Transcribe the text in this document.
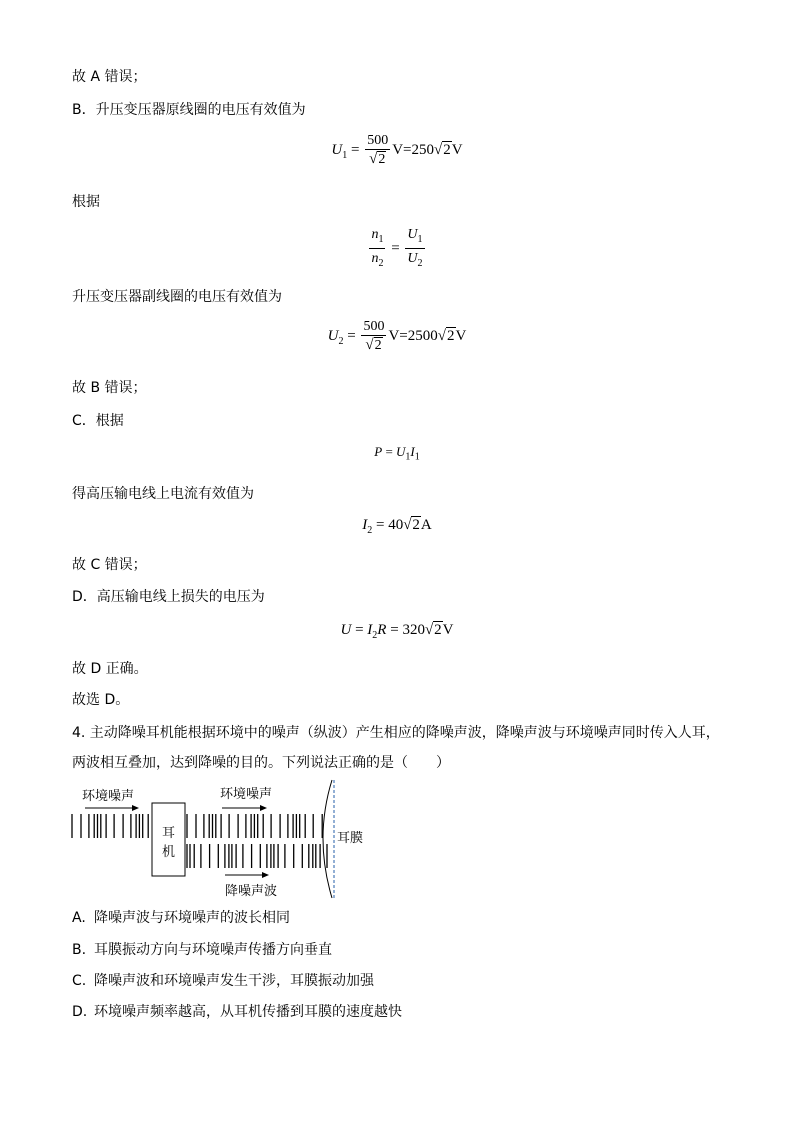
故 A 错误；
B．升压变压器原线圈的电压有效值为
$U_1 = \frac{500}{√2} V=250√2V$
根据
$\frac{n_1}{n_2} = \frac{U_1}{U_2}$
升压变压器副线圈的电压有效值为
$U_2 = \frac{500}{√2} V=2500√2V$
故 B 错误；
C．根据
$P = U_1I_1$
得高压输电线上电流有效值为
$I_2 = 40√2A$
故 C 错误；
D．高压输电线上损失的电压为
$U = I_2R = 320√2V$
故 D 正确。
故选 D。
4. 主动降噪耳机能根据环境中的噪声（纵波）产生相应的降噪声波，降噪声波与环境噪声同时传入人耳，
两波相互叠加，达到降噪的目的。下列说法正确的是（　　）
环境噪声
耳
机
耳机
环境噪声
降噪声波
耳膜
A. 降噪声波与环境噪声的波长相同
B. 耳膜振动方向与环境噪声传播方向垂直
C. 降噪声波和环境噪声发生干涉，耳膜振动加强
D. 环境噪声频率越高，从耳机传播到耳膜的速度越快
